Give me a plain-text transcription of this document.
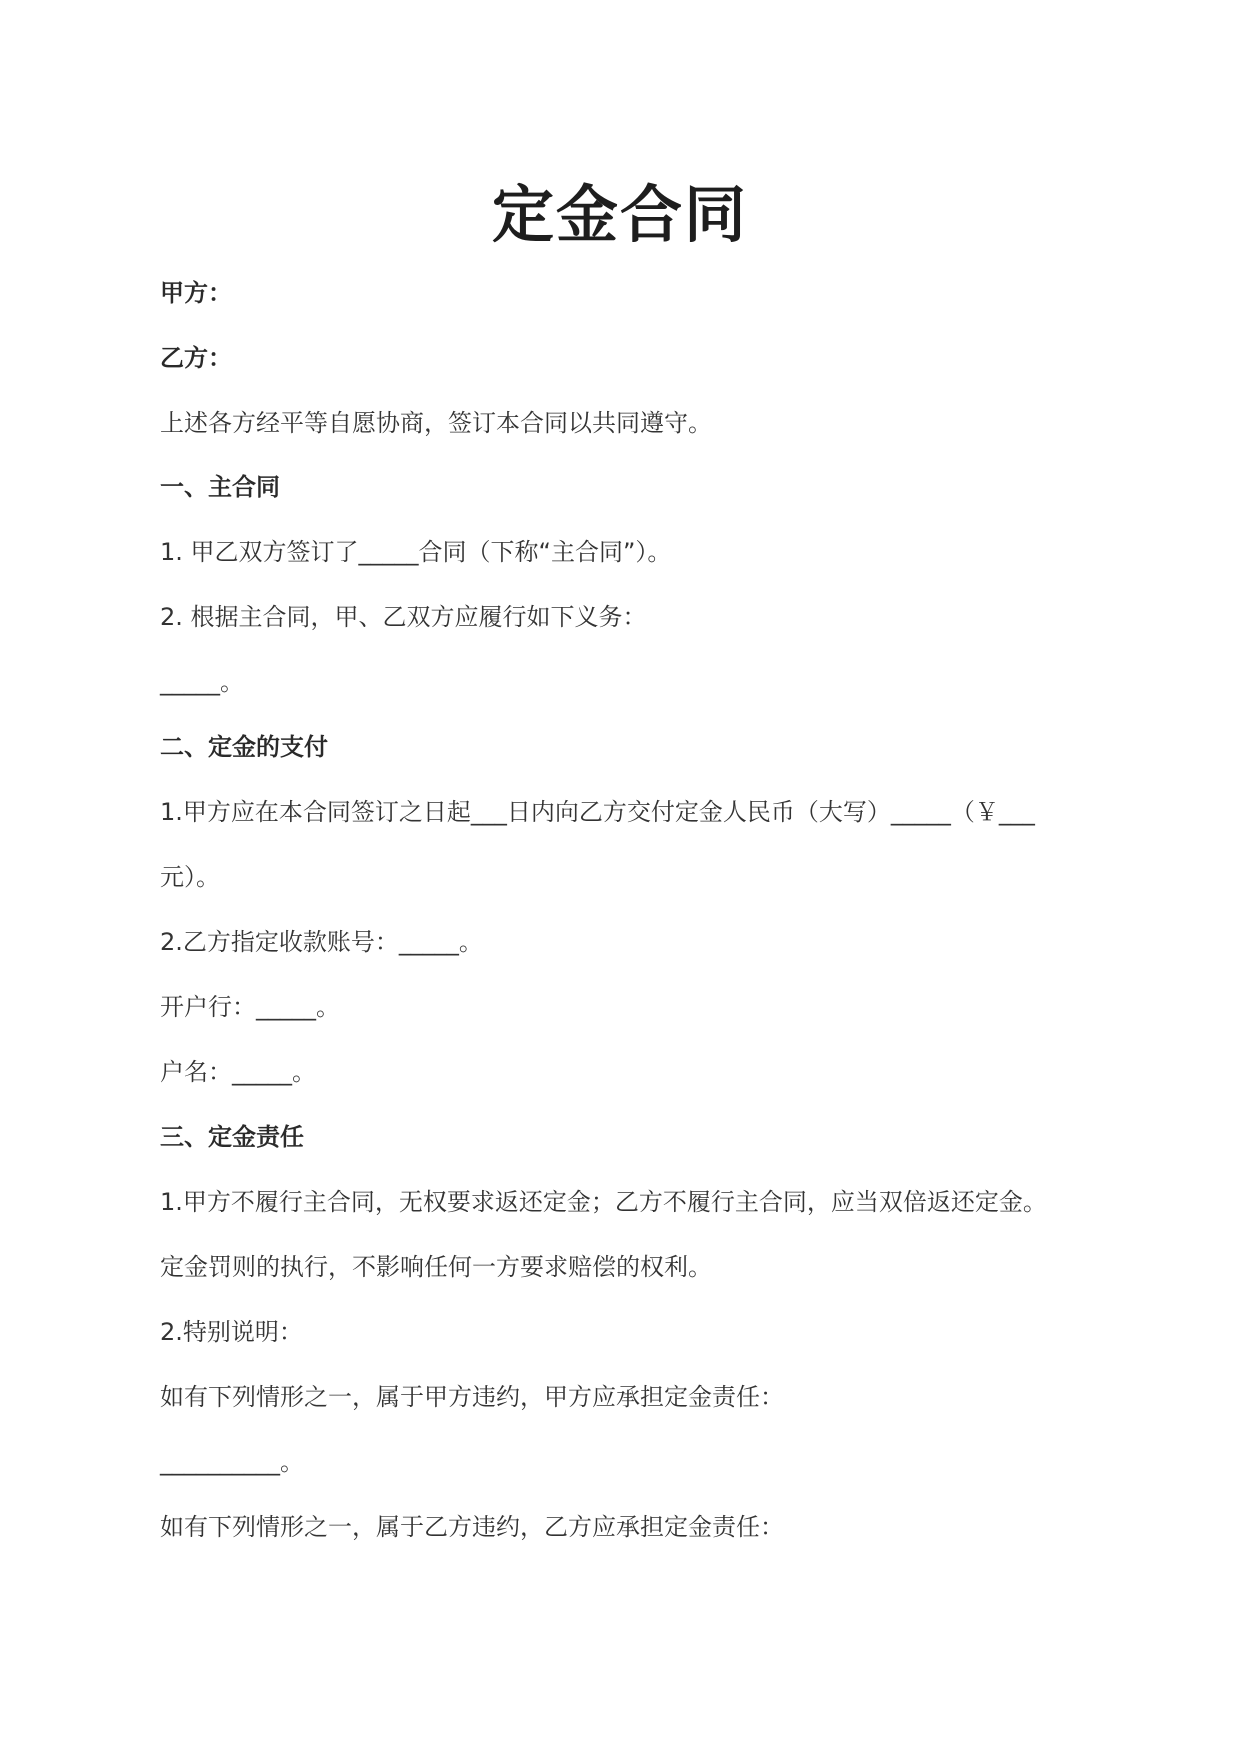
定金合同
甲方：
乙方：
上述各方经平等自愿协商，签订本合同以共同遵守。
一、主合同
1. 甲乙双方签订了_____合同（下称“主合同”）。
2. 根据主合同，甲、乙双方应履行如下义务：
_____。
二、定金的支付
1.甲方应在本合同签订之日起___日内向乙方交付定金人民币（大写）_____（￥___
元）。
2.乙方指定收款账号：_____。
开户行：_____。
户名：_____。
三、定金责任
1.甲方不履行主合同，无权要求返还定金；乙方不履行主合同，应当双倍返还定金。
定金罚则的执行，不影响任何一方要求赔偿的权利。
2.特别说明：
如有下列情形之一，属于甲方违约，甲方应承担定金责任：
__________。
如有下列情形之一，属于乙方违约，乙方应承担定金责任：
